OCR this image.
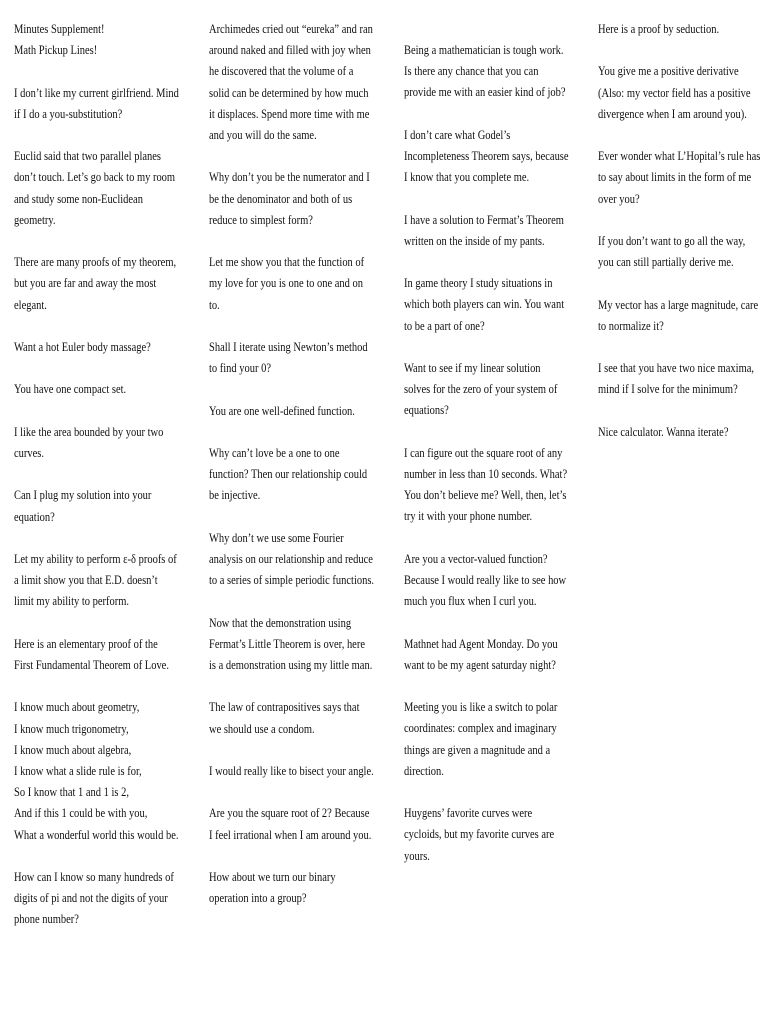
Minutes Supplement!
Math Pickup Lines!

I don’t like my current girlfriend. Mind if I do a you-substitution?

Euclid said that two parallel planes don’t touch. Let’s go back to my room and study some non-Euclidean geometry.

There are many proofs of my theorem, but you are far and away the most elegant.

Want a hot Euler body massage?

You have one compact set.

I like the area bounded by your two curves.

Can I plug my solution into your equation?

Let my ability to perform ε-δ proofs of a limit show you that E.D. doesn’t limit my ability to perform.

Here is an elementary proof of the First Fundamental Theorem of Love.

I know much about geometry,
I know much trigonometry,
I know much about algebra,
I know what a slide rule is for,
So I know that 1 and 1 is 2,
And if this 1 could be with you,
What a wonderful world this would be.

How can I know so many hundreds of digits of pi and not the digits of your phone number?

Archimedes cried out “eureka” and ran around naked and filled with joy when he discovered that the volume of a solid can be determined by how much it displaces. Spend more time with me and you will do the same.

Why don’t you be the numerator and I be the denominator and both of us reduce to simplest form?

Let me show you that the function of my love for you is one to one and on to.

Shall I iterate using Newton’s method to find your 0?

You are one well-defined function.

Why can’t love be a one to one function? Then our relationship could be injective.

Why don’t we use some Fourier analysis on our relationship and reduce to a series of simple periodic functions.

Now that the demonstration using Fermat’s Little Theorem is over, here is a demonstration using my little man.

The law of contrapositives says that we should use a condom.

I would really like to bisect your angle.

Are you the square root of 2? Because I feel irrational when I am around you.

How about we turn our binary operation into a group?

Being a mathematician is tough work. Is there any chance that you can provide me with an easier kind of job?

I don’t care what Godel’s Incompleteness Theorem says, because I know that you complete me.

I have a solution to Fermat’s Theorem written on the inside of my pants.

In game theory I study situations in which both players can win. You want to be a part of one?

Want to see if my linear solution solves for the zero of your system of equations?

I can figure out the square root of any number in less than 10 seconds. What? You don’t believe me? Well, then, let’s try it with your phone number.

Are you a vector-valued function? Because I would really like to see how much you flux when I curl you.

Mathnet had Agent Monday. Do you want to be my agent saturday night?

Meeting you is like a switch to polar coordinates: complex and imaginary things are given a magnitude and a direction.

Huygens’ favorite curves were cycloids, but my favorite curves are yours.

Here is a proof by seduction.

You give me a positive derivative (Also: my vector field has a positive divergence when I am around you).

Ever wonder what L’Hopital’s rule has to say about limits in the form of me over you?

If you don’t want to go all the way, you can still partially derive me.

My vector has a large magnitude, care to normalize it?

I see that you have two nice maxima, mind if I solve for the minimum?

Nice calculator. Wanna iterate?
